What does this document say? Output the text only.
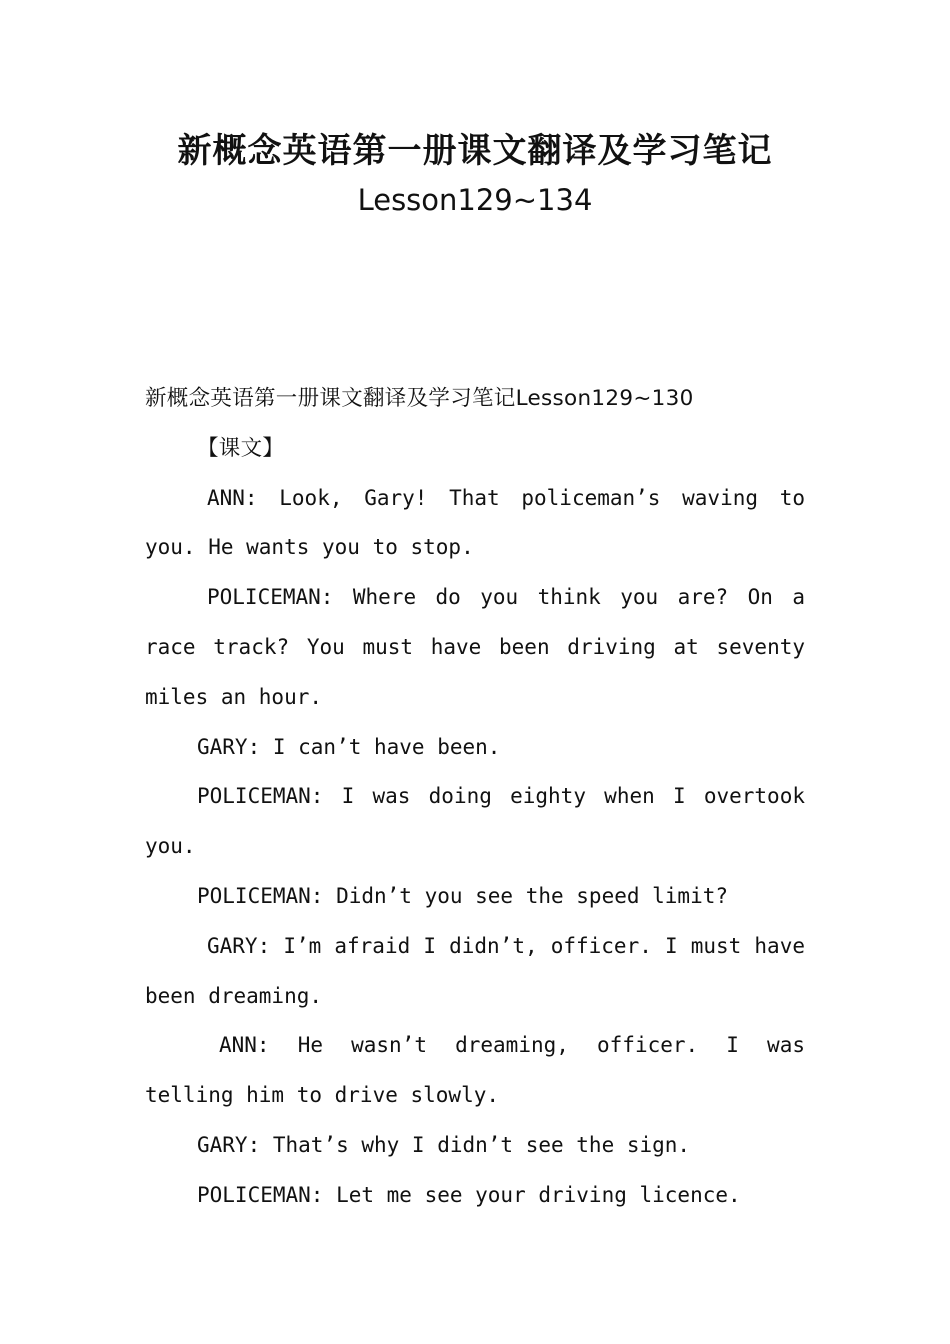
新概念英语第一册课文翻译及学习笔记
Lesson129~134

新概念英语第一册课文翻译及学习笔记Lesson129~130

【课文】

ANN: Look, Gary! That policeman’s waving to you. He wants you to stop.

POLICEMAN: Where do you think you are? On a race track? You must have been driving at seventy miles an hour.

GARY: I can’t have been.

POLICEMAN: I was doing eighty when I overtook you.

POLICEMAN: Didn’t you see the speed limit?

GARY: I’m afraid I didn’t, officer. I must have been dreaming.

ANN: He wasn’t dreaming, officer. I was telling him to drive slowly.

GARY: That’s why I didn’t see the sign.

POLICEMAN: Let me see your driving licence.
